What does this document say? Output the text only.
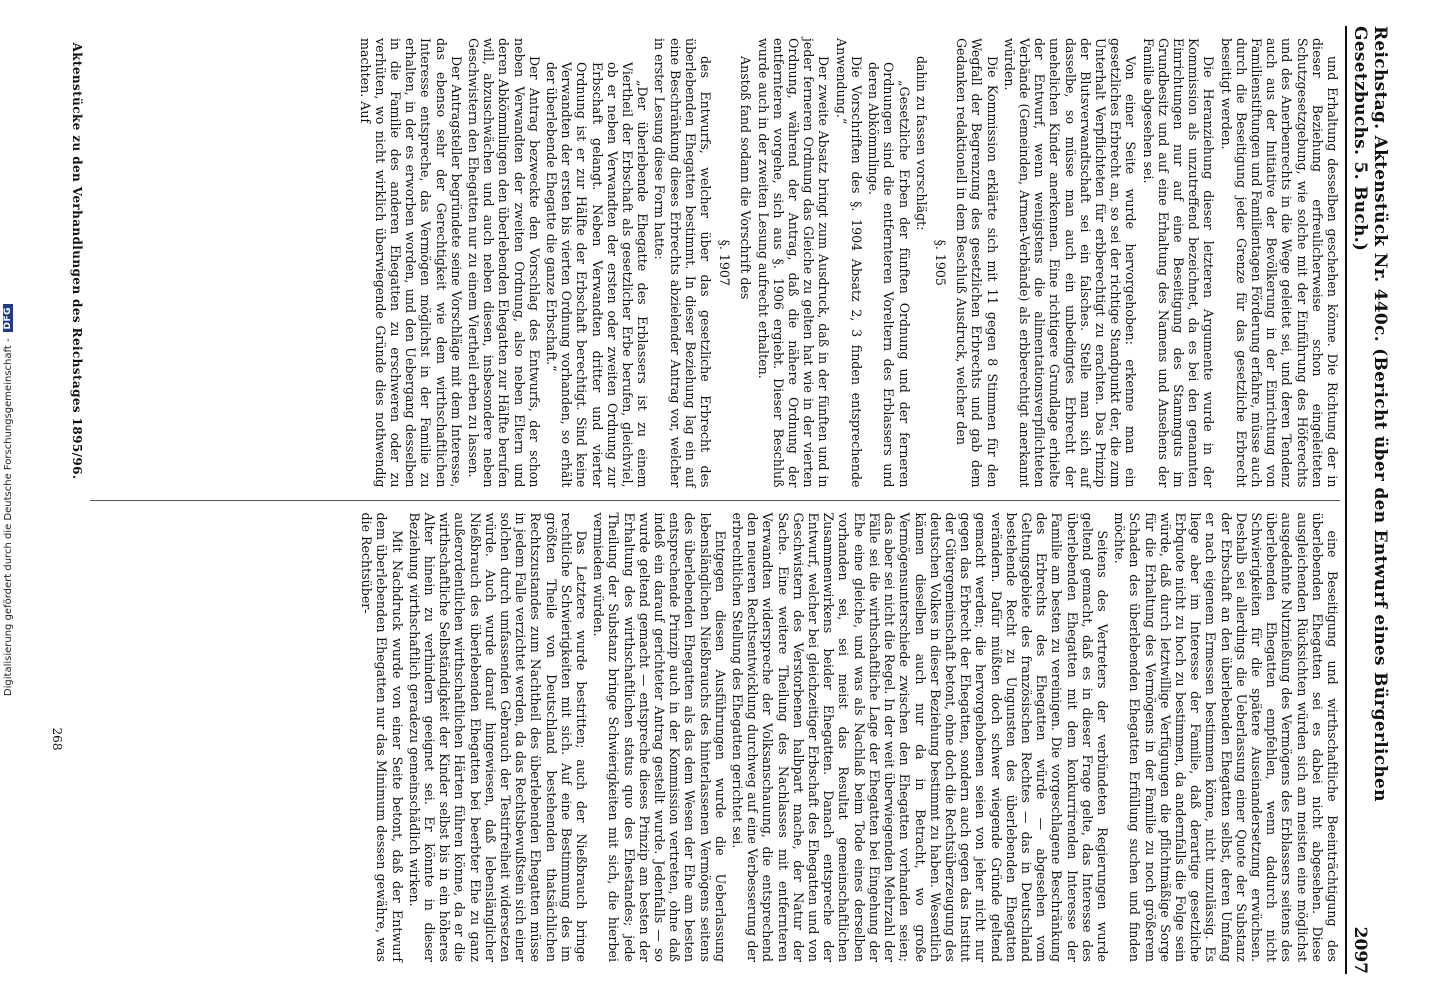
Digitalisierung gefördert durch die Deutsche Forschungsgemeinschaft -
DFG	Reichstag. Aktenstück Nr. 440c. (Bericht über den Entwurf eines Bürgerlichen Gesetzbuchs. 5. Buch.)
2097

und Erhaltung desselben geschehen könne. Die Richtung der in dieser Beziehung erfreulicherweise schon eingeleiteten Schutzgesetzgebung, wie solche mit der Einführung des Höferechts und des Anerbenrechts in die Wege geleitet sei, und deren Tendenz auch aus der Initiative der Bevölkerung in der Einrichtung von Familienstiftungen und Familientagen Förderung erfahre, müsse auch durch die Beseitigung jeder Grenze für das gesetzliche Erbrecht beseitigt werden.

Die Heranziehung dieser letzteren Argumente wurde in der Kommission als unzutreffend bezeichnet, da es bei den genannten Einrichtungen nur auf eine Beseitigung des Stammguts im Grundbesitz und auf eine Erhaltung des Namens und Ansehens der Familie abgesehen sei.

Von einer Seite wurde hervorgehoben: erkenne man ein gesetzliches Erbrecht an, so sei der richtige Standpunkt der, die zum Unterhalt Verpflichteten für erbberechtigt zu erachten. Das Prinzip der Blutsverwandtschaft sei ein falsches. Stelle man sich auf dasselbe, so müsse man auch ein unbedingtes Erbrecht der unehelichen Kinder anerkennen. Eine richtigere Grundlage erhielte der Entwurf, wenn wenigstens die alimentationsverpflichteten Verbände (Gemeinden, Armen-Verbände) als erbberechtigt anerkannt würden.

Die Kommission erklärte sich mit 11 gegen 8 Stimmen für den Wegfall der Begrenzung des gesetzlichen Erbrechts und gab dem Gedanken redaktionell in dem Beschluß Ausdruck, welcher den

§. 1905

dahin zu fassen vorschlägt:

„Gesetzliche Erben der fünften Ordnung und der ferneren Ordnungen sind die entfernteren Voreltern des Erblassers und deren Abkömmlinge.

Die Vorschriften des §. 1904 Absatz 2, 3 finden entsprechende Anwendung.“

Der zweite Absatz bringt zum Ausdruck, daß in der fünften und in jeder ferneren Ordnung das Gleiche zu gelten hat wie in der vierten Ordnung, während der Antrag, daß die nähere Ordnung der entfernteren vorgehe, sich aus §. 1906 ergiebt. Dieser Beschluß wurde auch in der zweiten Lesung aufrecht erhalten.

Anstoß fand sodann die Vorschrift des

§. 1907

des Entwurfs, welcher über das gesetzliche Erbrecht des überlebenden Ehegatten bestimmt. In dieser Beziehung lag ein auf eine Beschränkung dieses Erbrechts abzielender Antrag vor, welcher in erster Lesung diese Form hatte:

„Der überlebende Ehegatte des Erblassers ist zu einem Viertheil der Erbschaft als gesetzlicher Erbe berufen, gleichviel, ob er neben Verwandten der ersten oder zweiten Ordnung zur Erbschaft gelangt. Neben Verwandten dritter und vierter Ordnung ist er zur Hälfte der Erbschaft berechtigt. Sind keine Verwandten der ersten bis vierten Ordnung vorhanden, so erhält der überlebende Ehegatte die ganze Erbschaft.“

Der Antrag bezweckte den Vorschlag des Entwurfs, der schon neben Verwandten der zweiten Ordnung, also neben Eltern und deren Abkömmlingen den überlebenden Ehegatten zur Hälfte berufen will, abzuschwächen und auch neben diesen, insbesondere neben Geschwistern den Ehegatten nur zu einem Viertheil erben zu lassen.

Der Antragsteller begründete seine Vorschläge mit dem Interesse, das ebenso sehr der Gerechtigkeit wie dem wirthschaftlichen Interesse entspreche, das Vermögen möglichst in der Familie zu erhalten, in der es erworben worden, und den Uebergang desselben in die Familie des anderen Ehegatten zu erschweren oder zu verhüten, wo nicht wirklich überwiegende Gründe dies nothwendig machten. Auf

eine Beseitigung und wirthschaftliche Beeinträchtigung des überlebenden Ehegatten sei es dabei nicht abgesehen. Diese ausgleichenden Rücksichten würden sich am meisten eine möglichst ausgedehnte Nutznießung des Vermögens des Erblassers seitens des überlebenden Ehegatten empfehlen, wenn dadurch nicht Schwierigkeiten für die spätere Auseinandersetzung erwüchsen. Deshalb sei allerdings die Ueberlassung einer Quote der Substanz der Erbschaft an den überlebenden Ehegatten selbst, deren Umfang er nach eigenem Ermessen bestimmen könne, nicht unzulässig. Es liege aber im Interesse der Familie, daß derartige gesetzliche Erbquote nicht zu hoch zu bestimmen, da andernfalls die Folge sein würde, daß durch letztwillige Verfügungen die pflichtmäßige Sorge für die Erhaltung des Vermögens in der Familie zu noch größerem Schaden des überlebenden Ehegatten Erfüllung suchen und finden möchte.

Seitens des Vertreters der verbündeten Regierungen wurde geltend gemacht, daß es in dieser Frage gelte, das Interesse des überlebenden Ehegatten mit dem konkurrirenden Interesse der Familie am besten zu vereinigen. Die vorgeschlagene Beschränkung des Erbrechts des Ehegatten würde — abgesehen vom Geltungsgebiete des französischen Rechtes — das in Deutschland bestehende Recht zu Ungunsten des überlebenden Ehegatten verändern. Dafür müßten doch schwer wiegende Gründe geltend gemacht werden; die hervorgehobenen seien von jeher nicht nur gegen das Erbrecht der Ehegatten, sondern auch gegen das Institut der Gütergemeinschaft betont, ohne doch die Rechtsüberzeugung des deutschen Volkes in dieser Beziehung bestimmt zu haben. Wesentlich kämen dieselben auch nur da in Betracht, wo große Vermögensunterschiede zwischen den Ehegatten vorhanden seien; das aber sei nicht die Regel. In der weit überwiegenden Mehrzahl der Fälle sei die wirthschaftliche Lage der Ehegatten bei Eingehung der Ehe eine gleiche, und was als Nachlaß beim Tode eines derselben vorhanden sei, sei meist das Resultat gemeinschaftlichen Zusammenwirkens beider Ehegatten. Danach entspreche der Entwurf, welcher bei gleichzeitiger Erbschaft des Ehegatten und von Geschwistern des Verstorbenen halbpart mache, der Natur der Sache. Eine weitere Theilung des Nachlasses mit entfernteren Verwandten widerspreche der Volksanschauung, die entsprechend den neueren Rechtsentwicklung durchweg auf eine Verbesserung der erbrechtlichen Stellung des Ehegatten gerichtet sei.

Entgegen diesen Ausführungen wurde die Ueberlassung lebenslänglichen Nießbrauchs des hinterlassenen Vermögens seitens des überlebenden Ehegatten als das dem Wesen der Ehe am besten entsprechende Prinzip auch in der Kommission vertreten, ohne daß indeß ein darauf gerichteter Antrag gestellt wurde. Jedenfalls — so wurde geltend gemacht — entspreche dieses Prinzip am besten der Erhaltung des wirthschaftlichen status quo des Ehestandes; jede Theilung der Substanz bringe Schwierigkeiten mit sich, die hierbei vermieden würden.

Das Letztere wurde bestritten; auch der Nießbrauch bringe rechtliche Schwierigkeiten mit sich. Auf eine Bestimmung des im größten Theile von Deutschland bestehenden thatsächlichen Rechtszustandes zum Nachtheil des überlebenden Ehegatten müsse in jedem Falle verzichtet werden, da das Rechtsbewußtsein sich einer solchen durch umfassenden Gebrauch der Testirfreiheit widersetzen würde. Auch wurde darauf hingewiesen, daß lebenslänglicher Nießbrauch des überlebenden Ehegatten bei beerbter Ehe zu ganz außerordentlichen wirthschaftlichen Härten führen könne, da er die wirthschaftliche Selbständigkeit der Kinder selbst bis in ein höheres Alter hinein zu verhindern geeignet sei. Er könnte in dieser Beziehung wirthschaftlich geradezu gemeinschädlich wirken.

Mit Nachdruck wurde von einer Seite betont, daß der Entwurf dem überlebenden Ehegatten nur das Minimum dessen gewähre, was die Rechtsüber-

Aktenstücke zu den Verhandlungen des Reichstages 1895/96.
268
